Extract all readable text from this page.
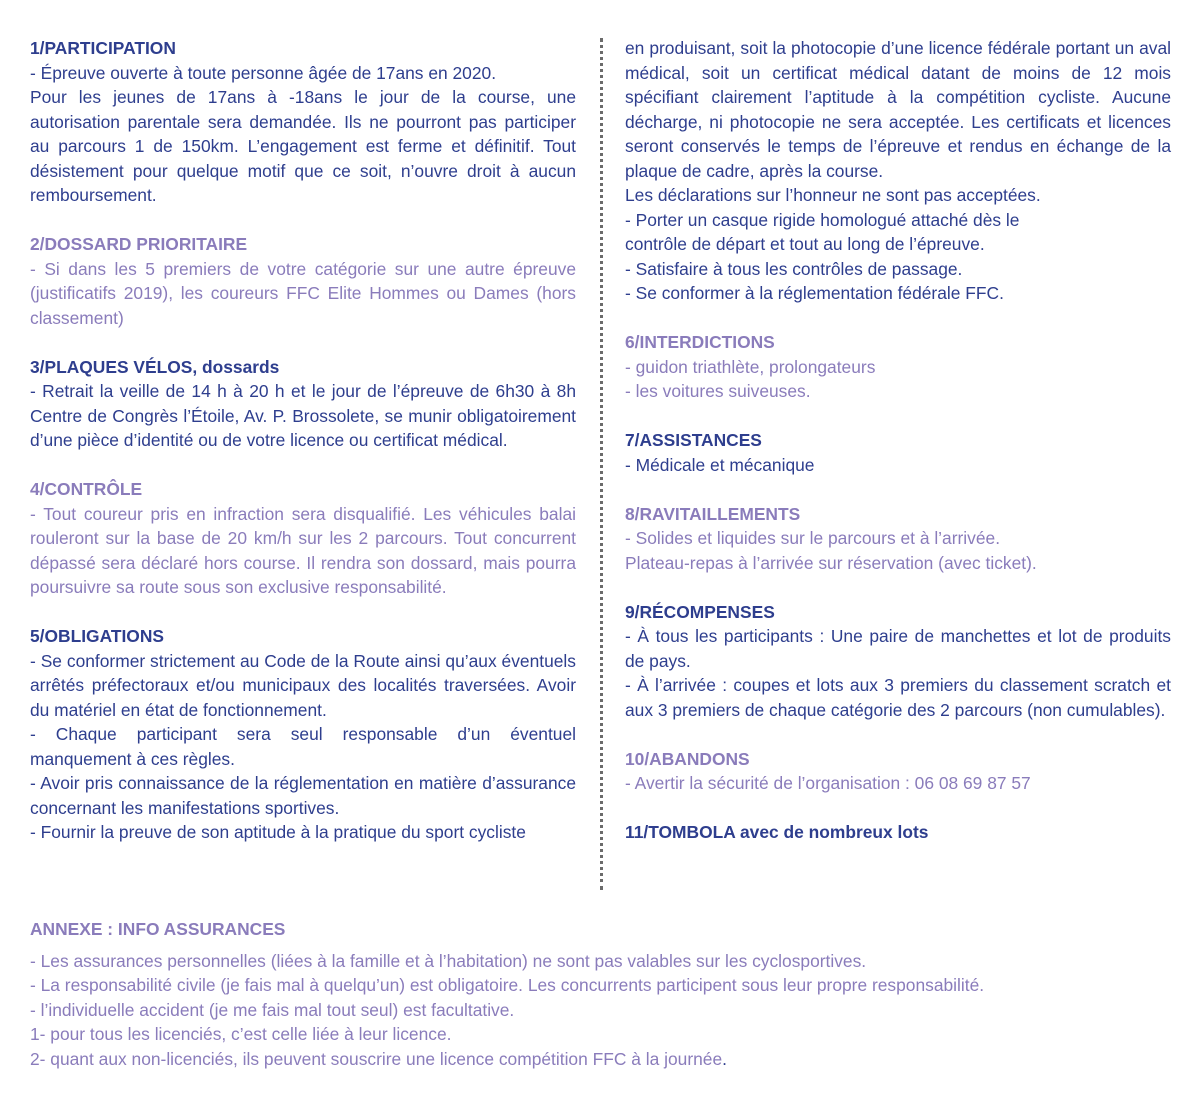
1/PARTICIPATION

- Épreuve ouverte à toute personne âgée de 17ans en 2020.

Pour les jeunes de 17ans à -18ans le jour de la course, une autorisation parentale sera demandée. Ils ne pourront pas participer au parcours 1 de 150km. L’engagement est ferme et définitif. Tout désistement pour quelque motif que ce soit, n’ouvre droit à aucun remboursement.

2/DOSSARD PRIORITAIRE

- Si dans les 5 premiers de votre catégorie sur une autre épreuve (justificatifs 2019), les coureurs FFC Elite Hommes ou Dames (hors classement)

3/PLAQUES VÉLOS, dossards

- Retrait la veille de 14 h à 20 h et le jour de l’épreuve de 6h30 à 8h Centre de Congrès l’Étoile, Av. P. Brossolete, se munir obligatoirement d’une pièce d’identité ou de votre licence ou certificat médical.

4/CONTRÔLE

- Tout coureur pris en infraction sera disqualifié. Les véhicules balai rouleront sur la base de 20 km/h sur les 2 parcours. Tout concurrent dépassé sera déclaré hors course. Il rendra son dossard, mais pourra poursuivre sa route sous son exclusive responsabilité.

5/OBLIGATIONS

- Se conformer strictement au Code de la Route ainsi qu’aux éventuels arrêtés préfectoraux et/ou municipaux des localités traversées. Avoir du matériel en état de fonctionnement.

- Chaque participant sera seul responsable d’un éventuel manquement à ces règles.

- Avoir pris connaissance de la réglementation en matière d’assurance concernant les manifestations sportives.

- Fournir la preuve de son aptitude à la pratique du sport cycliste

en produisant, soit la photocopie d’une licence fédérale portant un aval médical, soit un certificat médical datant de moins de 12 mois spécifiant clairement l’aptitude à la compétition cycliste. Aucune décharge, ni photocopie ne sera acceptée. Les certificats et licences seront conservés le temps de l’épreuve et rendus en échange de la plaque de cadre, après la course.

Les déclarations sur l’honneur ne sont pas acceptées.

- Porter un casque rigide homologué attaché dès le

contrôle de départ et tout au long de l’épreuve.

- Satisfaire à tous les contrôles de passage.

- Se conformer à la réglementation fédérale FFC.

6/INTERDICTIONS

- guidon triathlète, prolongateurs

- les voitures suiveuses.

7/ASSISTANCES

- Médicale et mécanique

8/RAVITAILLEMENTS

- Solides et liquides sur le parcours et à l’arrivée.

Plateau-repas à l’arrivée sur réservation (avec ticket).

9/RÉCOMPENSES

- À tous les participants : Une paire de manchettes et lot de produits de pays.

- À l’arrivée : coupes et lots aux 3 premiers du classement scratch et aux 3 premiers de chaque catégorie des 2 parcours (non cumulables).

10/ABANDONS

- Avertir la sécurité de l’organisation : 06 08 69 87 57

11/TOMBOLA avec de nombreux lots

ANNEXE : INFO ASSURANCES

- Les assurances personnelles (liées à la famille et à l’habitation) ne sont pas valables sur les cyclosportives.

- La responsabilité civile (je fais mal à quelqu’un) est obligatoire. Les concurrents participent sous leur propre responsabilité.

- l’individuelle accident (je me fais mal tout seul) est facultative.

1- pour tous les licenciés, c’est celle liée à leur licence.

2- quant aux non-licenciés, ils peuvent souscrire une licence compétition FFC à la journée.
